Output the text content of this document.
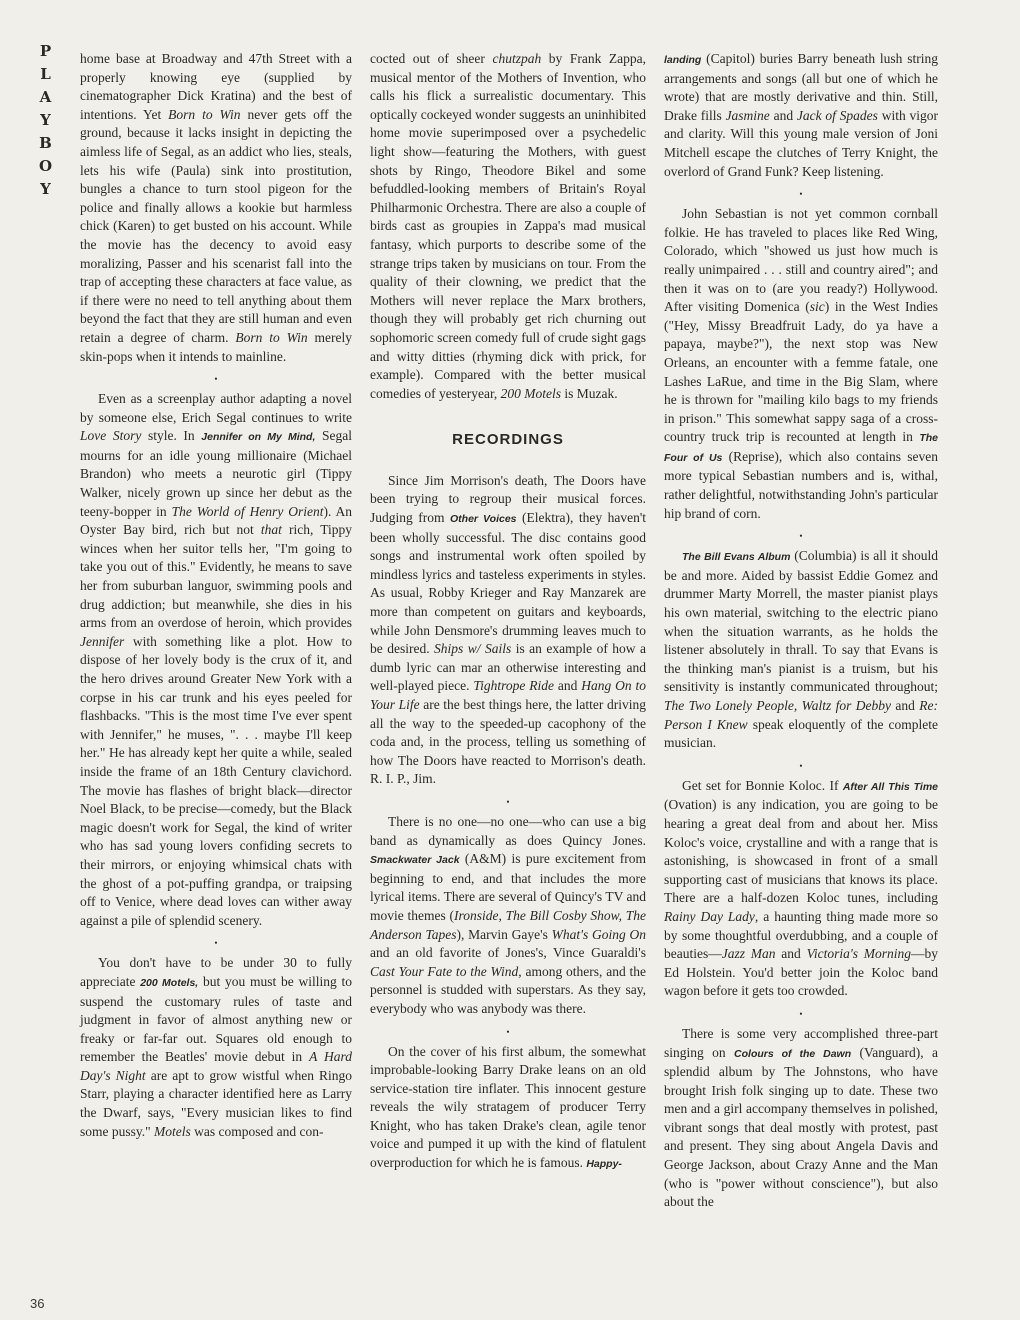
P
L
A
Y
B
O
Y

home base at Broadway and 47th Street with a properly knowing eye (supplied by cinematographer Dick Kratina) and the best of intentions. Yet Born to Win never gets off the ground, because it lacks insight in depicting the aimless life of Segal, as an addict who lies, steals, lets his wife (Paula) sink into prostitution, bungles a chance to turn stool pigeon for the police and finally allows a kookie but harmless chick (Karen) to get busted on his account. While the movie has the decency to avoid easy moralizing, Passer and his scenarist fall into the trap of accepting these characters at face value, as if there were no need to tell anything about them beyond the fact that they are still human and even retain a degree of charm. Born to Win merely skin-pops when it intends to mainline.

•

Even as a screenplay author adapting a novel by someone else, Erich Segal continues to write Love Story style. In Jennifer on My Mind, Segal mourns for an idle young millionaire (Michael Brandon) who meets a neurotic girl (Tippy Walker, nicely grown up since her debut as the teeny-bopper in The World of Henry Orient). An Oyster Bay bird, rich but not that rich, Tippy winces when her suitor tells her, "I'm going to take you out of this." Evidently, he means to save her from suburban languor, swimming pools and drug addiction; but meanwhile, she dies in his arms from an overdose of heroin, which provides Jennifer with something like a plot. How to dispose of her lovely body is the crux of it, and the hero drives around Greater New York with a corpse in his car trunk and his eyes peeled for flashbacks. "This is the most time I've ever spent with Jennifer," he muses, ". . . maybe I'll keep her." He has already kept her quite a while, sealed inside the frame of an 18th Century clavichord. The movie has flashes of bright black—director Noel Black, to be precise—comedy, but the Black magic doesn't work for Segal, the kind of writer who has sad young lovers confiding secrets to their mirrors, or enjoying whimsical chats with the ghost of a pot-puffing grandpa, or traipsing off to Venice, where dead loves can wither away against a pile of splendid scenery.

•

You don't have to be under 30 to fully appreciate 200 Motels, but you must be willing to suspend the customary rules of taste and judgment in favor of almost anything new or freaky or far-far out. Squares old enough to remember the Beatles' movie debut in A Hard Day's Night are apt to grow wistful when Ringo Starr, playing a character identified here as Larry the Dwarf, says, "Every musician likes to find some pussy." Motels was composed and con-

cocted out of sheer chutzpah by Frank Zappa, musical mentor of the Mothers of Invention, who calls his flick a surrealistic documentary. This optically cockeyed wonder suggests an uninhibited home movie superimposed over a psychedelic light show—featuring the Mothers, with guest shots by Ringo, Theodore Bikel and some befuddled-looking members of Britain's Royal Philharmonic Orchestra. There are also a couple of birds cast as groupies in Zappa's mad musical fantasy, which purports to describe some of the strange trips taken by musicians on tour. From the quality of their clowning, we predict that the Mothers will never replace the Marx brothers, though they will probably get rich churning out sophomoric screen comedy full of crude sight gags and witty ditties (rhyming dick with prick, for example). Compared with the better musical comedies of yesteryear, 200 Motels is Muzak.

RECORDINGS

Since Jim Morrison's death, The Doors have been trying to regroup their musical forces. Judging from Other Voices (Elektra), they haven't been wholly successful. The disc contains good songs and instrumental work often spoiled by mindless lyrics and tasteless experiments in styles. As usual, Robby Krieger and Ray Manzarek are more than competent on guitars and keyboards, while John Densmore's drumming leaves much to be desired. Ships w/ Sails is an example of how a dumb lyric can mar an otherwise interesting and well-played piece. Tightrope Ride and Hang On to Your Life are the best things here, the latter driving all the way to the speeded-up cacophony of the coda and, in the process, telling us something of how The Doors have reacted to Morrison's death. R. I. P., Jim.

•

There is no one—no one—who can use a big band as dynamically as does Quincy Jones. Smackwater Jack (A&M) is pure excitement from beginning to end, and that includes the more lyrical items. There are several of Quincy's TV and movie themes (Ironside, The Bill Cosby Show, The Anderson Tapes), Marvin Gaye's What's Going On and an old favorite of Jones's, Vince Guaraldi's Cast Your Fate to the Wind, among others, and the personnel is studded with superstars. As they say, everybody who was anybody was there.

•

On the cover of his first album, the somewhat improbable-looking Barry Drake leans on an old service-station tire inflater. This innocent gesture reveals the wily stratagem of producer Terry Knight, who has taken Drake's clean, agile tenor voice and pumped it up with the kind of flatulent overproduction for which he is famous. Happy-

landing (Capitol) buries Barry beneath lush string arrangements and songs (all but one of which he wrote) that are mostly derivative and thin. Still, Drake fills Jasmine and Jack of Spades with vigor and clarity. Will this young male version of Joni Mitchell escape the clutches of Terry Knight, the overlord of Grand Funk? Keep listening.

•

John Sebastian is not yet common cornball folkie. He has traveled to places like Red Wing, Colorado, which "showed us just how much is really unimpaired . . . still and country aired"; and then it was on to (are you ready?) Hollywood. After visiting Domenica (sic) in the West Indies ("Hey, Missy Breadfruit Lady, do ya have a papaya, maybe?"), the next stop was New Orleans, an encounter with a femme fatale, one Lashes LaRue, and time in the Big Slam, where he is thrown for "mailing kilo bags to my friends in prison." This somewhat sappy saga of a cross-country truck trip is recounted at length in The Four of Us (Reprise), which also contains seven more typical Sebastian numbers and is, withal, rather delightful, notwithstanding John's particular hip brand of corn.

•

The Bill Evans Album (Columbia) is all it should be and more. Aided by bassist Eddie Gomez and drummer Marty Morrell, the master pianist plays his own material, switching to the electric piano when the situation warrants, as he holds the listener absolutely in thrall. To say that Evans is the thinking man's pianist is a truism, but his sensitivity is instantly communicated throughout; The Two Lonely People, Waltz for Debby and Re: Person I Knew speak eloquently of the complete musician.

•

Get set for Bonnie Koloc. If After All This Time (Ovation) is any indication, you are going to be hearing a great deal from and about her. Miss Koloc's voice, crystalline and with a range that is astonishing, is showcased in front of a small supporting cast of musicians that knows its place. There are a half-dozen Koloc tunes, including Rainy Day Lady, a haunting thing made more so by some thoughtful overdubbing, and a couple of beauties—Jazz Man and Victoria's Morning—by Ed Holstein. You'd better join the Koloc band wagon before it gets too crowded.

•

There is some very accomplished three-part singing on Colours of the Dawn (Vanguard), a splendid album by The Johnstons, who have brought Irish folk singing up to date. These two men and a girl accompany themselves in polished, vibrant songs that deal mostly with protest, past and present. They sing about Angela Davis and George Jackson, about Crazy Anne and the Man (who is "power without conscience"), but also about the

36
